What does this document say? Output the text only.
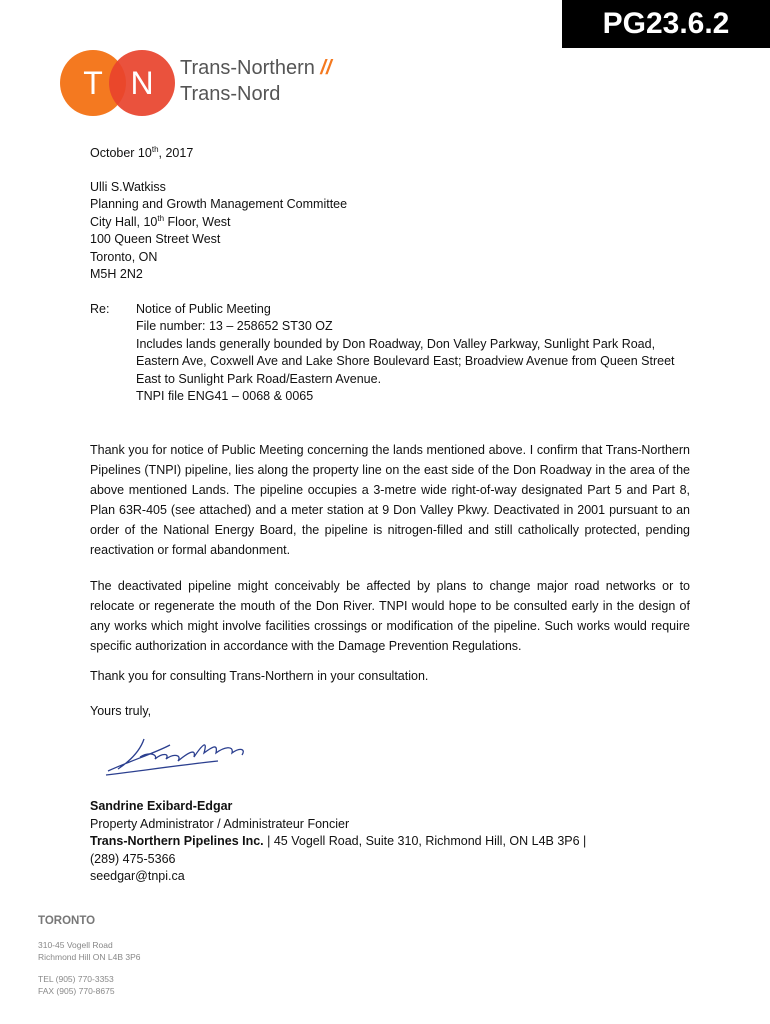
PG23.6.2
T N Trans-Northern //
Trans-Nord
October 10th, 2017
Ulli S.Watkiss
Planning and Growth Management Committee
City Hall, 10th Floor, West
100 Queen Street West
Toronto, ON
M5H 2N2
Re:	Notice of Public Meeting
File number: 13 – 258652 ST30 OZ
Includes lands generally bounded by Don Roadway, Don Valley Parkway, Sunlight Park Road, Eastern Ave, Coxwell Ave and Lake Shore Boulevard East; Broadview Avenue from Queen Street East to Sunlight Park Road/Eastern Avenue.
TNPI file ENG41 – 0068 & 0065
Thank you for notice of Public Meeting concerning the lands mentioned above. I confirm that Trans-Northern Pipelines (TNPI) pipeline, lies along the property line on the east side of the Don Roadway in the area of the above mentioned Lands. The pipeline occupies a 3-metre wide right-of-way designated Part 5 and Part 8, Plan 63R-405 (see attached) and a meter station at 9 Don Valley Pkwy. Deactivated in 2001 pursuant to an order of the National Energy Board, the pipeline is nitrogen-filled and still catholically protected, pending reactivation or formal abandonment.
The deactivated pipeline might conceivably be affected by plans to change major road networks or to relocate or regenerate the mouth of the Don River. TNPI would hope to be consulted early in the design of any works which might involve facilities crossings or modification of the pipeline. Such works would require specific authorization in accordance with the Damage Prevention Regulations.
Thank you for consulting Trans-Northern in your consultation.
Yours truly,
Sandrine Exibard-Edgar
Property Administrator / Administrateur Foncier
Trans-Northern Pipelines Inc. | 45 Vogell Road, Suite 310, Richmond Hill, ON L4B 3P6 |
(289) 475-5366
seedgar@tnpi.ca
TORONTO
310-45 Vogell Road
Richmond Hill ON L4B 3P6
TEL (905) 770-3353
FAX (905) 770-8675
